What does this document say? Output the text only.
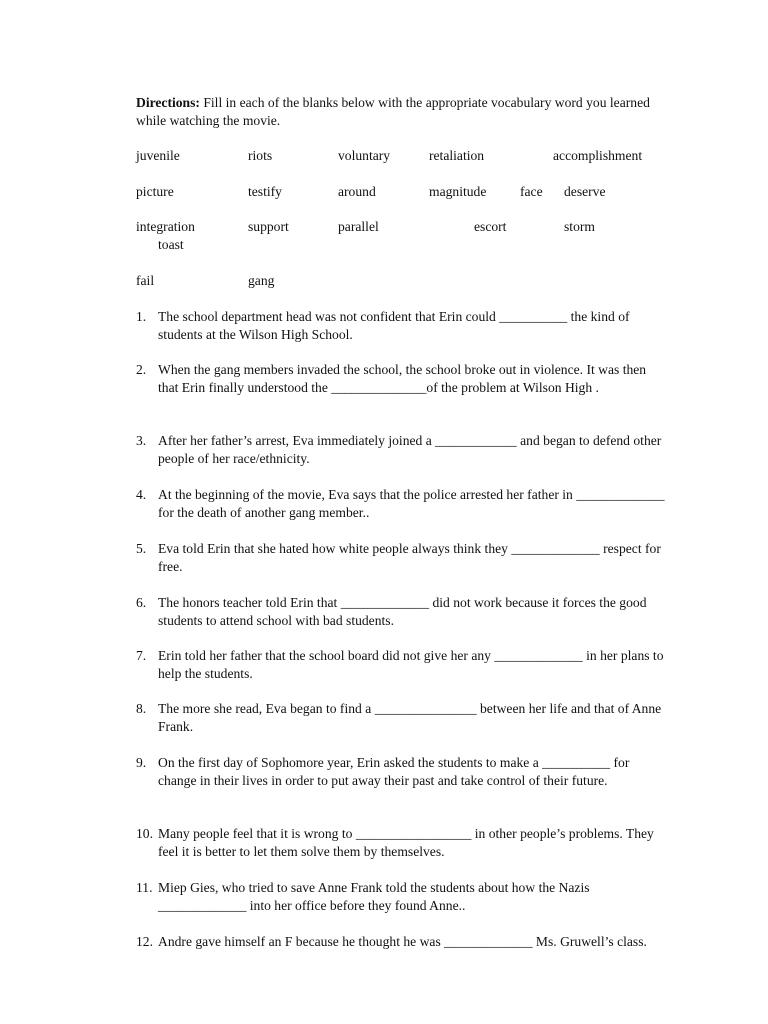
Directions: Fill in each of the blanks below with the appropriate vocabulary word you learned while watching the movie.
juvenile	riots	voluntary	retaliation	accomplishment
picture	testify	around	magnitude face deserve
integration	support	parallel	escort	storm
toast
fail	gang
1. The school department head was not confident that Erin could __________ the kind of students at the Wilson High School.
2. When the gang members invaded the school, the school broke out in violence. It was then that Erin finally understood the ______________of the problem at Wilson High .
3. After her father’s arrest, Eva immediately joined a ____________ and began to defend other people of her race/ethnicity.
4. At the beginning of the movie, Eva says that the police arrested her father in _____________ for the death of another gang member..
5. Eva told Erin that she hated how white people always think they _____________ respect for free.
6. The honors teacher told Erin that _____________ did not work because it forces the good students to attend school with bad students.
7. Erin told her father that the school board did not give her any _____________ in her plans to help the students.
8. The more she read, Eva began to find a _______________ between her life and that of Anne Frank.
9. On the first day of Sophomore year, Erin asked the students to make a __________ for change in their lives in order to put away their past and take control of their future.
10. Many people feel that it is wrong to _________________ in other people’s problems. They feel it is better to let them solve them by themselves.
11. Miep Gies, who tried to save Anne Frank told the students about how the Nazis _____________ into her office before they found Anne..
12. Andre gave himself an F because he thought he was _____________ Ms. Gruwell’s class.
